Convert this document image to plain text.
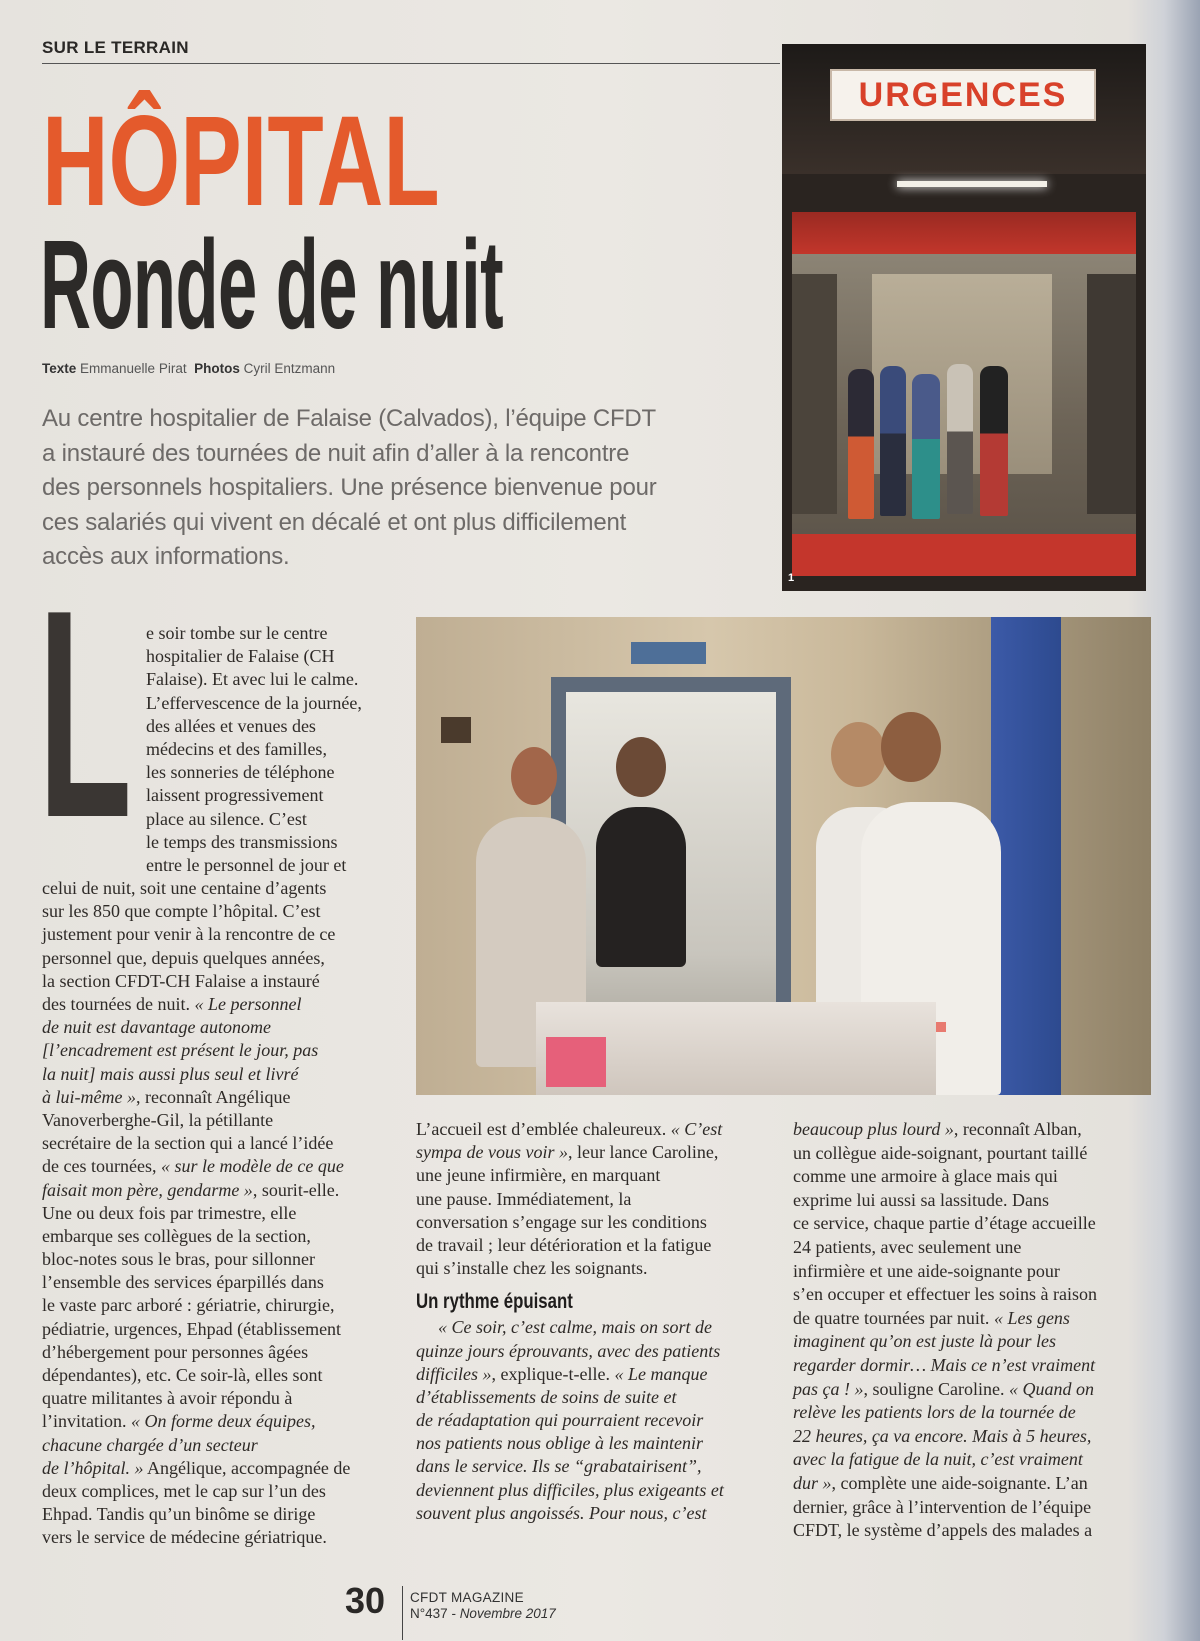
SUR LE TERRAIN
HÔPITAL
Ronde de nuit
Texte Emmanuelle Pirat Photos Cyril Entzmann
Au centre hospitalier de Falaise (Calvados), l’équipe CFDT
a instauré des tournées de nuit afin d’aller à la rencontre
des personnels hospitaliers. Une présence bienvenue pour
ces salariés qui vivent en décalé et ont plus difficilement
accès aux informations.
URGENCES
1
L e soir tombe sur le centre
hospitalier de Falaise (CH
Falaise). Et avec lui le calme.
L’effervescence de la journée,
des allées et venues des
médecins et des familles,
les sonneries de téléphone
laissent progressivement
place au silence. C’est
le temps des transmissions
entre le personnel de jour et
celui de nuit, soit une centaine d’agents
sur les 850 que compte l’hôpital. C’est
justement pour venir à la rencontre de ce
personnel que, depuis quelques années,
la section CFDT-CH Falaise a instauré
des tournées de nuit. « Le personnel
de nuit est davantage autonome
[l’encadrement est présent le jour, pas
la nuit] mais aussi plus seul et livré
à lui-même », reconnaît Angélique
Vanoverberghe-Gil, la pétillante
secrétaire de la section qui a lancé l’idée
de ces tournées, « sur le modèle de ce que
faisait mon père, gendarme », sourit-elle.
Une ou deux fois par trimestre, elle
embarque ses collègues de la section,
bloc-notes sous le bras, pour sillonner
l’ensemble des services éparpillés dans
le vaste parc arboré : gériatrie, chirurgie,
pédiatrie, urgences, Ehpad (établissement
d’hébergement pour personnes âgées
dépendantes), etc. Ce soir-là, elles sont
quatre militantes à avoir répondu à
l’invitation. « On forme deux équipes,
chacune chargée d’un secteur
de l’hôpital. » Angélique, accompagnée de
deux complices, met le cap sur l’un des
Ehpad. Tandis qu’un binôme se dirige
vers le service de médecine gériatrique.
L’accueil est d’emblée chaleureux. « C’est
sympa de vous voir », leur lance Caroline,
une jeune infirmière, en marquant
une pause. Immédiatement, la
conversation s’engage sur les conditions
de travail ; leur détérioration et la fatigue
qui s’installe chez les soignants.
Un rythme épuisant
« Ce soir, c’est calme, mais on sort de
quinze jours éprouvants, avec des patients
difficiles », explique-t-elle. « Le manque
d’établissements de soins de suite et
de réadaptation qui pourraient recevoir
nos patients nous oblige à les maintenir
dans le service. Ils se “grabatairisent”,
deviennent plus difficiles, plus exigeants et
souvent plus angoissés. Pour nous, c’est
beaucoup plus lourd », reconnaît Alban,
un collègue aide-soignant, pourtant taillé
comme une armoire à glace mais qui
exprime lui aussi sa lassitude. Dans
ce service, chaque partie d’étage accueille
24 patients, avec seulement une
infirmière et une aide-soignante pour
s’en occuper et effectuer les soins à raison
de quatre tournées par nuit. « Les gens
imaginent qu’on est juste là pour les
regarder dormir… Mais ce n’est vraiment
pas ça ! », souligne Caroline. « Quand on
relève les patients lors de la tournée de
22 heures, ça va encore. Mais à 5 heures,
avec la fatigue de la nuit, c’est vraiment
dur », complète une aide-soignante. L’an
dernier, grâce à l’intervention de l’équipe
CFDT, le système d’appels des malades a
30 CFDT MAGAZINE
N°437 - Novembre 2017
